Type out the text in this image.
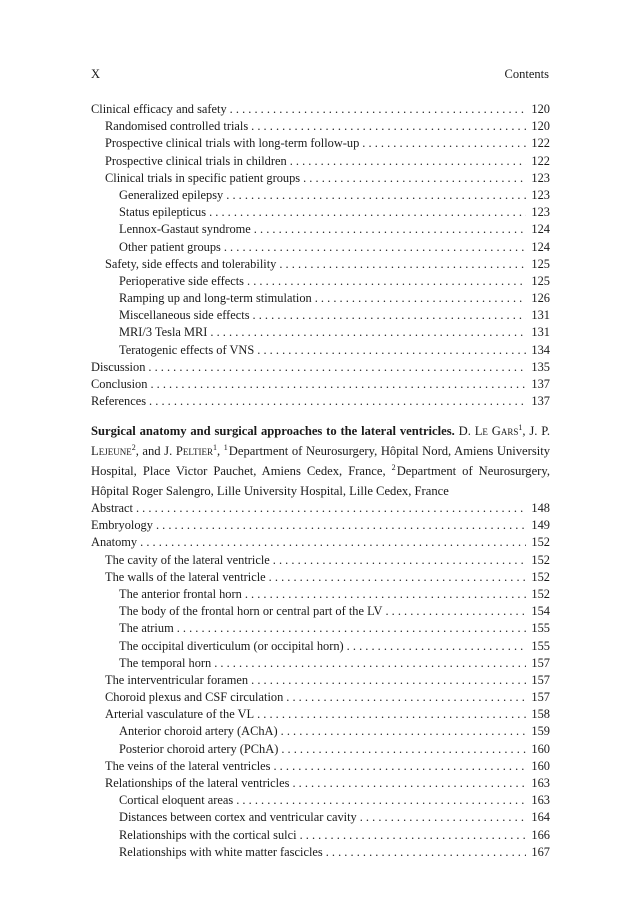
X	Contents
Clinical efficacy and safety . . .	120
Randomised controlled trials . . .	120
Prospective clinical trials with long-term follow-up . . .	122
Prospective clinical trials in children . . .	122
Clinical trials in specific patient groups . . .	123
Generalized epilepsy . . .	123
Status epilepticus . . .	123
Lennox-Gastaut syndrome . . .	124
Other patient groups . . .	124
Safety, side effects and tolerability . . .	125
Perioperative side effects . . .	125
Ramping up and long-term stimulation . . .	126
Miscellaneous side effects . . .	131
MRI/3 Tesla MRI . . .	131
Teratogenic effects of VNS . . .	134
Discussion . . .	135
Conclusion . . .	137
References . . .	137
Surgical anatomy and surgical approaches to the lateral ventricles. D. Le Gars$^1$, J. P. Lejeune$^2$, and J. Peltier$^1$, $^1$ Department of Neurosurgery, Hôpital Nord, Amiens University Hospital, Place Victor Pauchet, Amiens Cedex, France, $^2$ Department of Neurosurgery, Hôpital Roger Salengro, Lille University Hospital, Lille Cedex, France
Abstract . . .	148
Embryology . . .	149
Anatomy . . .	152
The cavity of the lateral ventricle . . .	152
The walls of the lateral ventricle . . .	152
The anterior frontal horn . . .	152
The body of the frontal horn or central part of the LV . . .	154
The atrium . . .	155
The occipital diverticulum (or occipital horn) . . .	155
The temporal horn . . .	157
The interventricular foramen . . .	157
Choroid plexus and CSF circulation . . .	157
Arterial vasculature of the VL . . .	158
Anterior choroid artery (AChA) . . .	159
Posterior choroid artery (PChA) . . .	160
The veins of the lateral ventricles . . .	160
Relationships of the lateral ventricles . . .	163
Cortical eloquent areas . . .	163
Distances between cortex and ventricular cavity . . .	164
Relationships with the cortical sulci . . .	166
Relationships with white matter fascicles . . .	167
